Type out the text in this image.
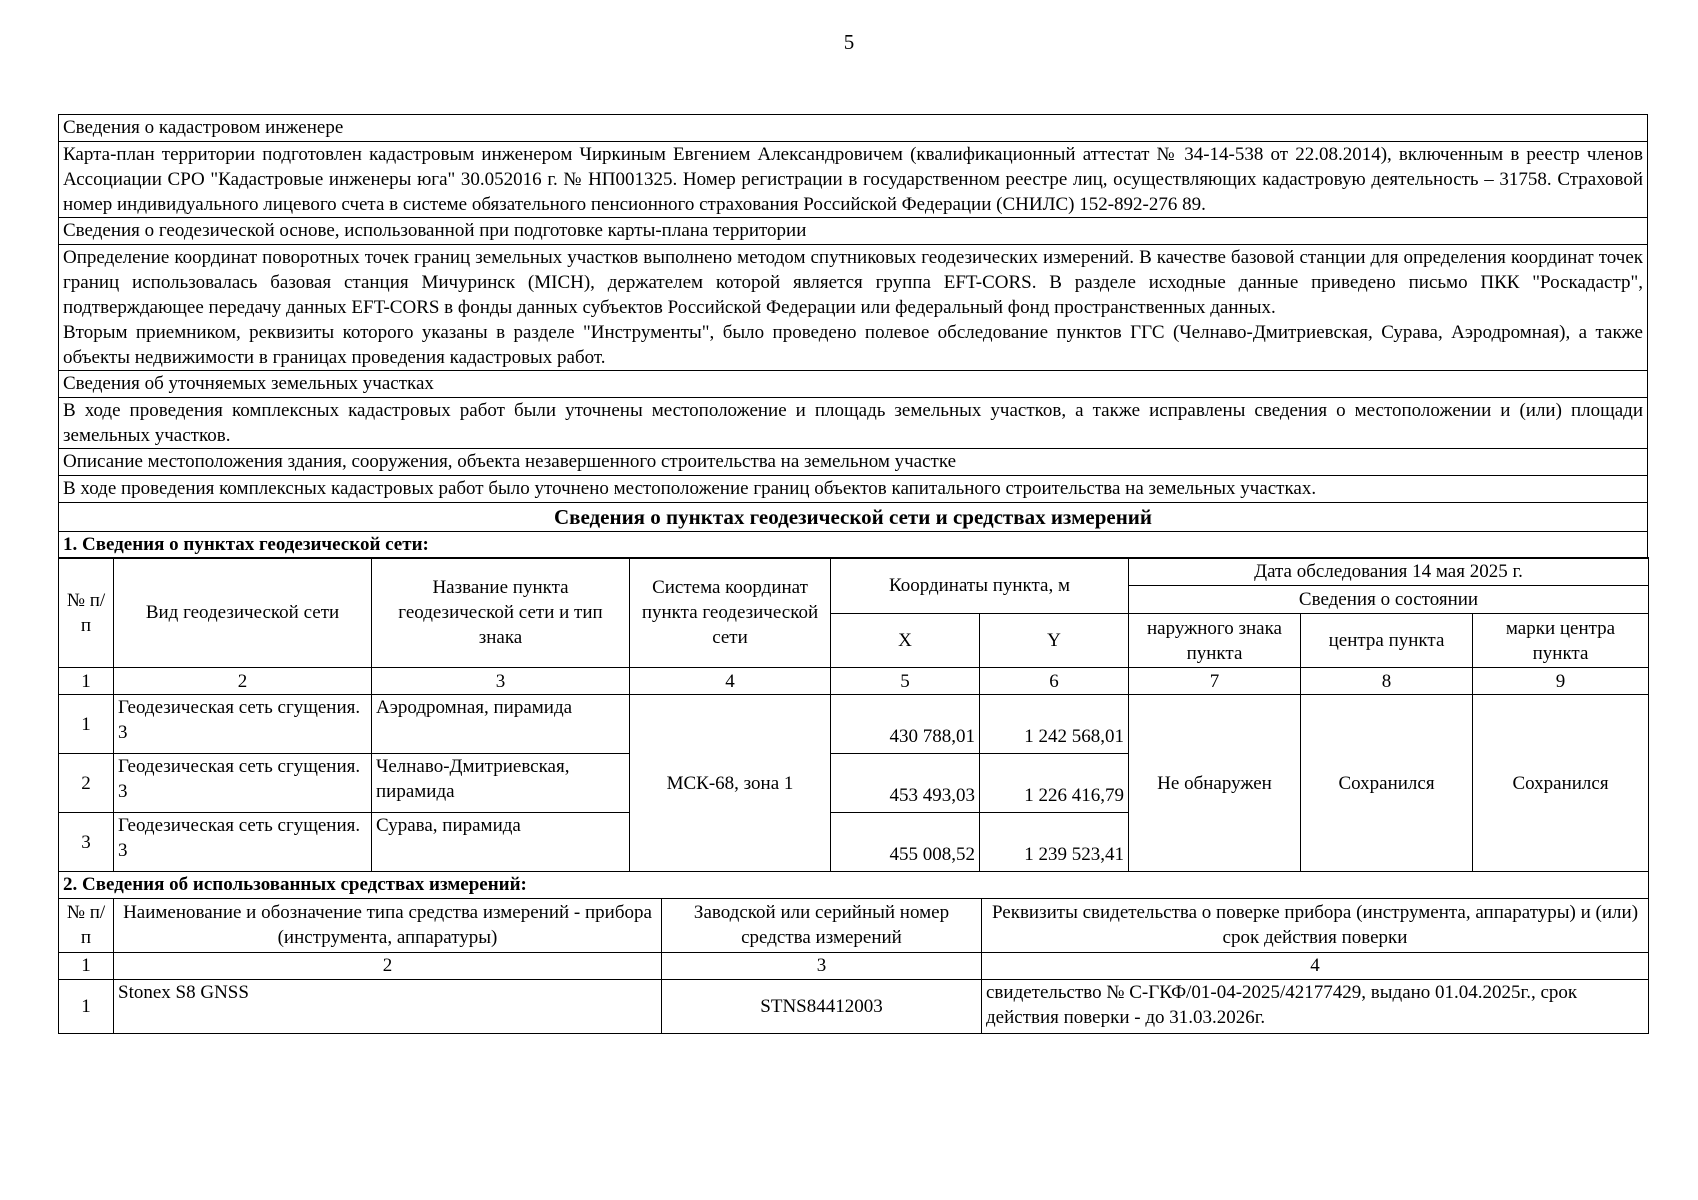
5
Сведения о кадастровом инженере
Карта-план территории подготовлен кадастровым инженером Чиркиным Евгением Александровичем (квалификационный аттестат № 34-14-538 от 22.08.2014), включенным в реестр членов Ассоциации СРО "Кадастровые инженеры юга" 30.052016 г. № НП001325. Номер регистрации в государственном реестре лиц, осуществляющих кадастровую деятельность – 31758. Страховой номер индивидуального лицевого счета в системе обязательного пенсионного страхования Российской Федерации (СНИЛС) 152-892-276 89.
Сведения о геодезической основе, использованной при подготовке карты-плана территории

Определение координат поворотных точек границ земельных участков выполнено методом спутниковых геодезических измерений. В качестве базовой станции для определения координат точек границ использовалась базовая станция Мичуринск (MICH), держателем которой является группа EFT-CORS. В разделе исходные данные приведено письмо ПКК "Роскадастр", подтверждающее передачу данных EFT-CORS в фонды данных субъектов Российской Федерации или федеральный фонд пространственных данных.
Вторым приемником, реквизиты которого указаны в разделе "Инструменты", было проведено полевое обследование пунктов ГГС (Челнаво-Дмитриевская, Сурава, Аэродромная), а также объекты недвижимости в границах проведения кадастровых работ.

Сведения об уточняемых земельных участках
В ходе проведения комплексных кадастровых работ были уточнены местоположение и площадь земельных участков, а также исправлены сведения о местоположении и (или) площади земельных участков.
Описание местоположения здания, сооружения, объекта незавершенного строительства на земельном участке
В ходе проведения комплексных кадастровых работ было уточнено местоположение границ объектов капитального строительства на земельных участках.
Сведения о пунктах геодезической сети и средствах измерений
1. Сведения о пунктах геодезической сети:
№ п/п	Вид геодезической сети	Название пункта геодезической сети и тип знака	Система координат пункта геодезической сети	Координаты пункта, м		Дата обследования 14 мая 2025 г.		
						Сведения о состоянии		
				X	Y	наружного знака пункта	центра пункта	марки центра пункта
1	2	3	4	5	6	7	8	9
1	Геодезическая сеть сгущения. 3	Аэродромная, пирамида	МСК-68, зона 1	430 788,01	1 242 568,01	Не обнаружен	Сохранился	Сохранился
2	Геодезическая сеть сгущения. 3	Челнаво-Дмитриевская, пирамида		453 493,03	1 226 416,79			
3	Геодезическая сеть сгущения. 3	Сурава, пирамида		455 008,52	1 239 523,41			
2. Сведения об использованных средствах измерений:								
№ п/п	Наименование и обозначение типа средства измерений - прибора (инструмента, аппаратуры)	Заводской или серийный номер средства измерений	Реквизиты свидетельства о поверке прибора (инструмента, аппаратуры) и (или) срок действия поверки
1	2	3	4
1	Stonex S8 GNSS	STNS84412003	свидетельство № С-ГКФ/01-04-2025/42177429, выдано 01.04.2025г., срок действия поверки - до 31.03.2026г.
